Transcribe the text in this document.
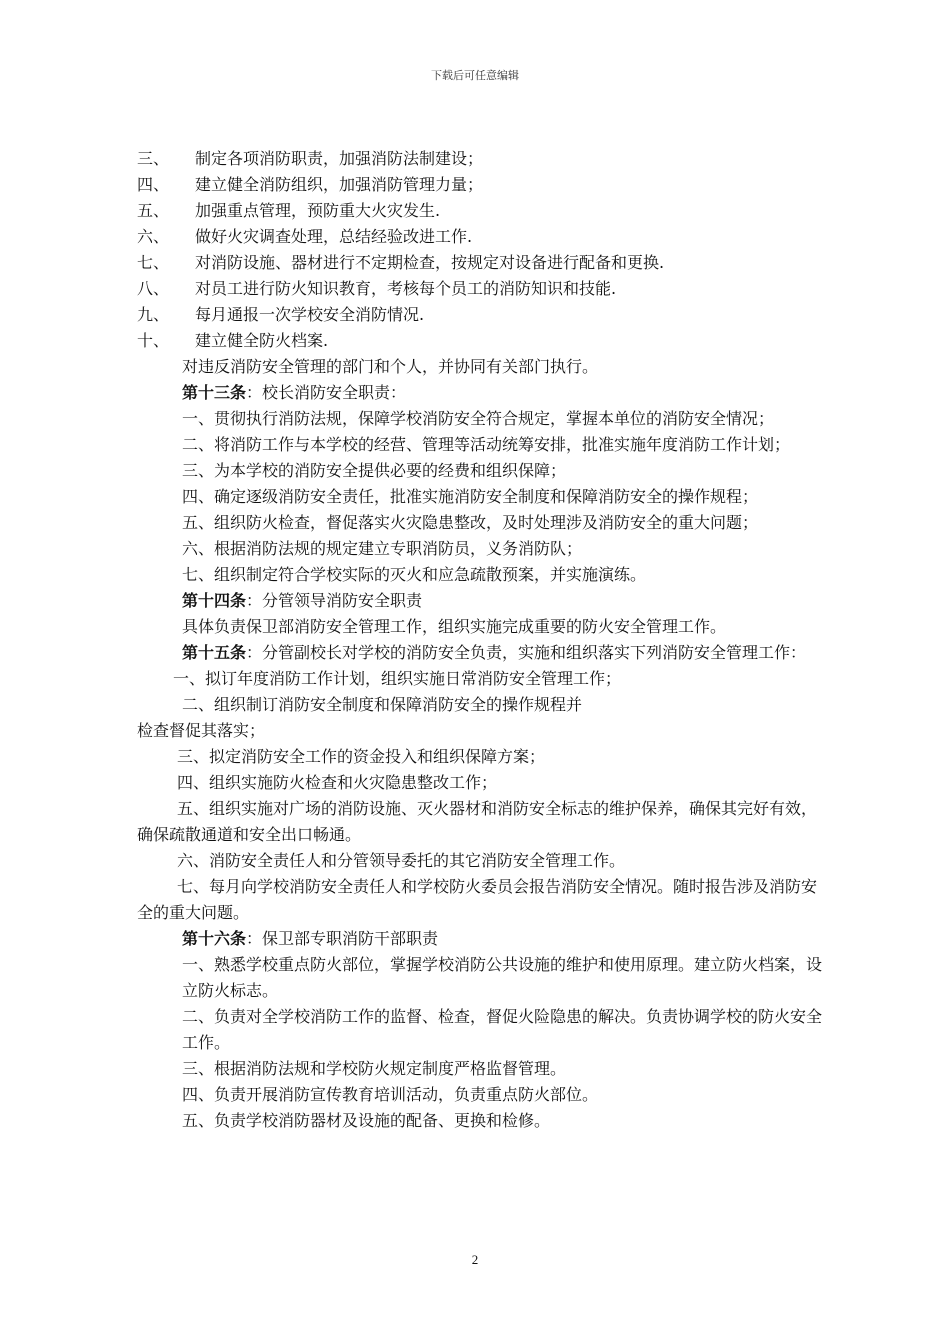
下载后可任意编辑
三、 制定各项消防职责，加强消防法制建设；
四、 建立健全消防组织，加强消防管理力量；
五、 加强重点管理，预防重大火灾发生.
六、 做好火灾调查处理，总结经验改进工作.
七、 对消防设施、器材进行不定期检查，按规定对设备进行配备和更换.
八、 对员工进行防火知识教育，考核每个员工的消防知识和技能.
九、 每月通报一次学校安全消防情况.
十、 建立健全防火档案.

对违反消防安全管理的部门和个人，并协同有关部门执行。

第十三条：校长消防安全职责：

一、贯彻执行消防法规，保障学校消防安全符合规定，掌握本单位的消防安全情况；

二、将消防工作与本学校的经营、管理等活动统筹安排，批准实施年度消防工作计划；

三、为本学校的消防安全提供必要的经费和组织保障；

四、确定逐级消防安全责任，批准实施消防安全制度和保障消防安全的操作规程；

五、组织防火检查，督促落实火灾隐患整改，及时处理涉及消防安全的重大问题；

六、根据消防法规的规定建立专职消防员，义务消防队；

七、组织制定符合学校实际的灭火和应急疏散预案，并实施演练。

第十四条：分管领导消防安全职责

具体负责保卫部消防安全管理工作，组织实施完成重要的防火安全管理工作。

第十五条：分管副校长对学校的消防安全负责，实施和组织落实下列消防安全管理工作：

一、拟订年度消防工作计划，组织实施日常消防安全管理工作；

二、组织制订消防安全制度和保障消防安全的操作规程并

检查督促其落实；

三、拟定消防安全工作的资金投入和组织保障方案；

四、组织实施防火检查和火灾隐患整改工作；

五、组织实施对广场的消防设施、灭火器材和消防安全标志的维护保养，确保其完好有效，确保疏散通道和安全出口畅通。

六、消防安全责任人和分管领导委托的其它消防安全管理工作。

七、每月向学校消防安全责任人和学校防火委员会报告消防安全情况。随时报告涉及消防安全的重大问题。

第十六条：保卫部专职消防干部职责

一、熟悉学校重点防火部位，掌握学校消防公共设施的维护和使用原理。建立防火档案，设立防火标志。

二、负责对全学校消防工作的监督、检查，督促火险隐患的解决。负责协调学校的防火安全工作。

三、根据消防法规和学校防火规定制度严格监督管理。

四、负责开展消防宣传教育培训活动，负责重点防火部位。

五、负责学校消防器材及设施的配备、更换和检修。

2
